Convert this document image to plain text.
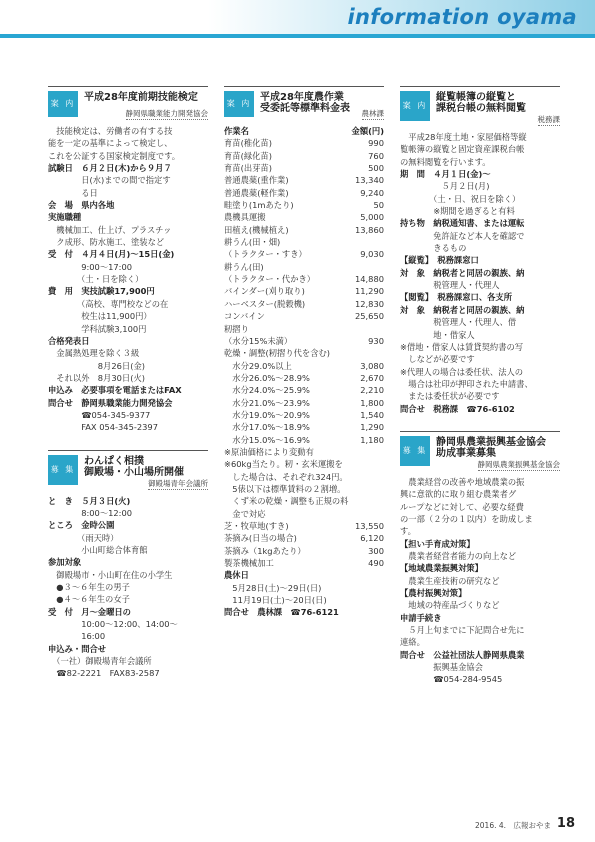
information oyama
案 内
平成28年度前期技能検定
静岡県職業能力開発協会
　技能検定は、労働者の有する技
能を一定の基準によって検定し、
これを公証する国家検定制度です。
試験日　６月２日(木)から９月７
　　　　日(水)までの間で指定す
　　　　る日
会　場　県内各地
実施職種
　機械加工、仕上げ、プラスチッ
　ク成形、防水施工、塗装など
受　付　４月４日(月)～15日(金)
　　　　9:00～17:00
　　　　（土・日を除く）
費　用　実技試験17,900円
　　　　（高校、専門校などの在
　　　　校生は11,900円）
　　　　学科試験3,100円
合格発表日
　金属熱処理を除く３級
　　　　　　8月26日(金)
　それ以外　8月30日(火)
申込み　必要事項を電話またはFAX
問合せ　静岡県職業能力開発協会
　　　　☎054-345-9377
　　　　FAX 054-345-2397
募 集
わんぱく相撲
御殿場・小山場所開催
御殿場青年会議所
と　き　５月３日(火)
　　　　8:00～12:00
ところ　金時公園
　　　　（雨天時）
　　　　小山町総合体育館
参加対象
　御殿場市・小山町在住の小学生
　●３～６年生の男子
　●４～６年生の女子
受　付　月～金曜日の
　　　　10:00～12:00、14:00～
　　　　16:00
申込み・問合せ
　（一社）御殿場青年会議所
　☎82-2221　FAX83-2587
案 内
平成28年度農作業
受委託等標準料金表 農林課
作業名	金額(円)
育苗(稚化苗)	990
育苗(緑化苗)	760
育苗(出芽苗)	500
普通農薬(重作業)	13,340
普通農薬(軽作業)	9,240
畦塗り(1mあたり)	50
農機具運搬	5,000
田植え(機械植え)	13,860
耕うん(田・畑)
（トラクター・すき）	9,030
耕うん(田)
（トラクター・代かき）	14,880
バインダー(刈り取り)	11,290
ハーベスター(脱穀機)	12,830
コンバイン	25,650
籾摺り
（水分15%未満）	930
乾燥・調整(籾摺り代を含む)
　水分29.0%以上	3,080
　水分26.0%～28.9%	2,670
　水分24.0%～25.9%	2,210
　水分21.0%～23.9%	1,800
　水分19.0%～20.9%	1,540
　水分17.0%～18.9%	1,290
　水分15.0%～16.9%	1,180
※原油価格により変動有
※60kg当たり。籾・玄米運搬を
　した場合は、それぞれ324円。
　5俵以下は標準賃料の２割増。
　くず米の乾燥・調整も正規の料
　金で対応
芝・牧草地(すき)	13,550
茶摘み(日当の場合)	6,120
茶摘み（1kgあたり）	300
製茶機械加工	490
農休日
　5月28日(土)～29日(日)
　11月19日(土)～20日(日)
問合せ　農林課　☎76-6121
案 内
縦覧帳簿の縦覧と
課税台帳の無料閲覧
税務課
　平成28年度土地・家屋価格等縦
覧帳簿の縦覧と固定資産課税台帳
の無料閲覧を行います。
期　間　４月１日(金)～
　　　　　５月２日(月)
　　　　（土・日、祝日を除く）
　　　　※期間を過ぎると有料
持ち物　納税通知書、または運転
　　　　免許証など本人を確認で
　　　　きるもの
【縦覧】　税務課窓口
対　象　納税者と同居の親族、納
　　　　税管理人・代理人
【閲覧】　税務課窓口、各支所
対　象　納税者と同居の親族、納
　　　　税管理人・代理人、借
　　　　地・借家人
※借地・借家人は賃貸契約書の写
　しなどが必要です
※代理人の場合は委任状、法人の
　場合は社印が押印された申請書、
　または委任状が必要です
問合せ　税務課　☎76-6102
募 集
静岡県農業振興基金協会
助成事業募集
静岡県農業振興基金協会
　農業経営の改善や地域農業の振
興に意欲的に取り組む農業者グ
ループなどに対して、必要な経費
の一部（２分の１以内）を助成しま
す。
【担い手育成対策】
　農業者経営者能力の向上など
【地域農業振興対策】
　農業生産技術の研究など
【農村振興対策】
　地域の特産品づくりなど
申請手続き
　５月上旬までに下記問合せ先に
連絡。
問合せ　公益社団法人静岡県農業
　　　　振興基金協会
　　　　☎054-284-9545
2016. 4.　広報おやま 18
